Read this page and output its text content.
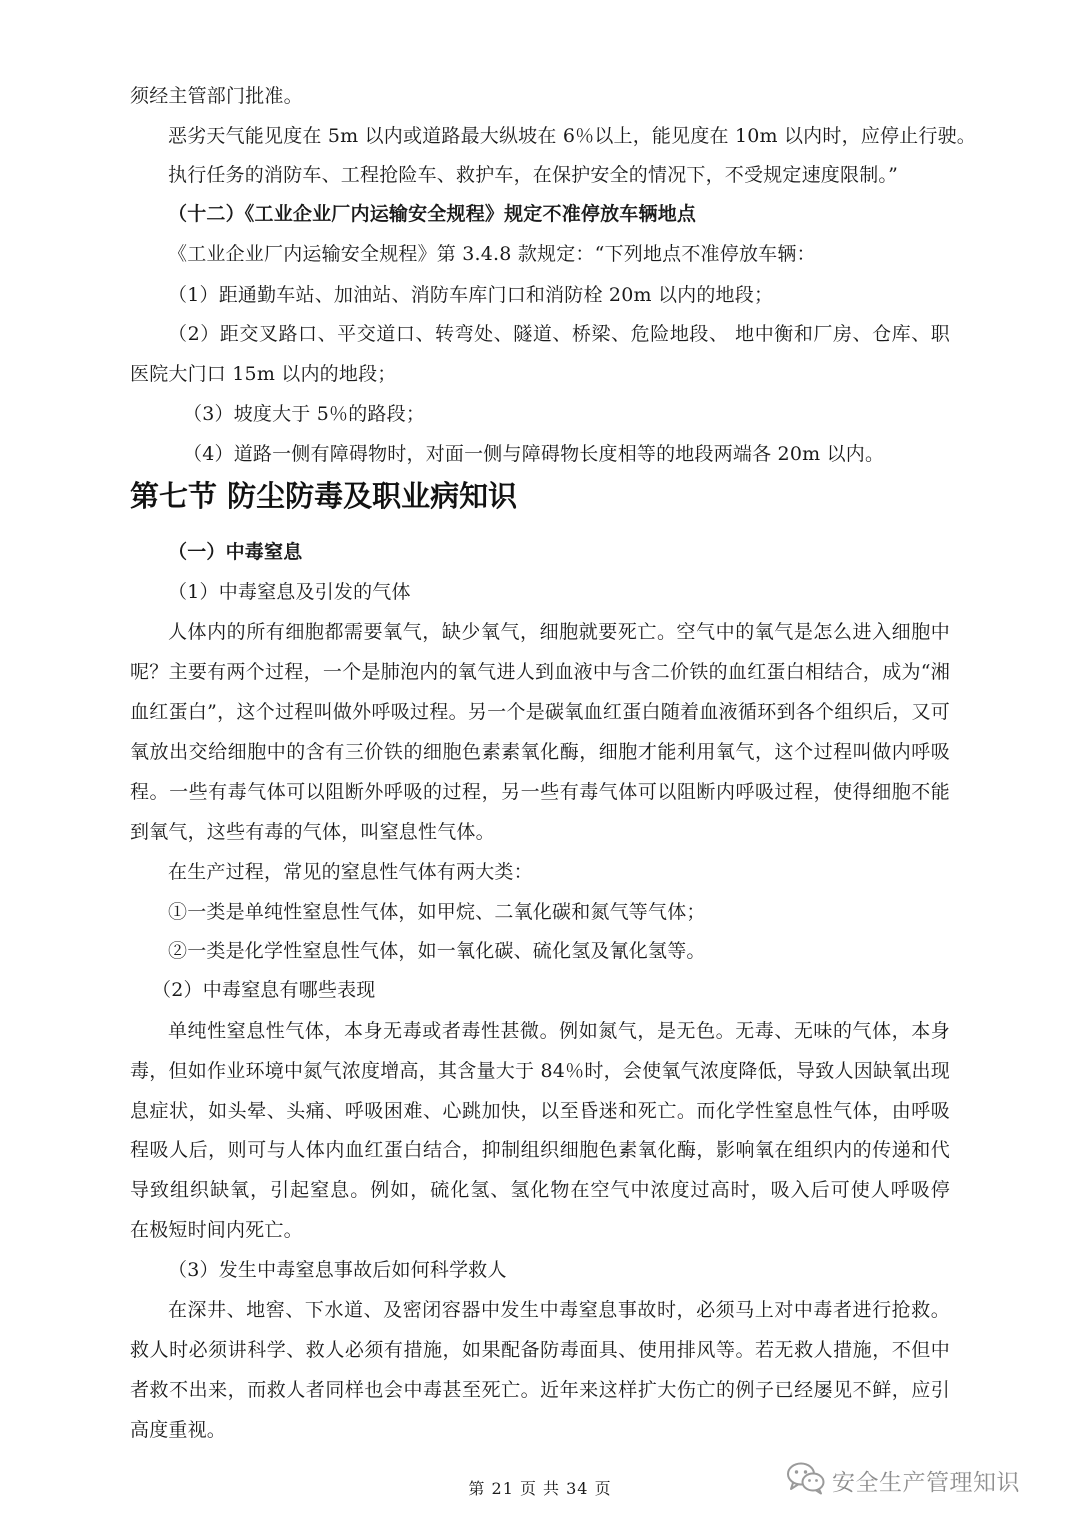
须经主管部门批准。
恶劣天气能见度在 5m 以内或道路最大纵坡在 6％以上，能见度在 10m 以内时，应停止行驶。
执行任务的消防车、工程抢险车、救护车，在保护安全的情况下，不受规定速度限制。”
（十二）《工业企业厂内运输安全规程》规定不准停放车辆地点
《工业企业厂内运输安全规程》第 3.4.8 款规定：“下列地点不准停放车辆：
（1）距通勤车站、加油站、消防车库门口和消防栓 20m 以内的地段；
（2）距交叉路口、平交道口、转弯处、隧道、桥梁、危险地段、 地中衡和厂房、仓库、职
医院大门口 15m 以内的地段；
（3）坡度大于 5％的路段；
（4）道路一侧有障碍物时，对面一侧与障碍物长度相等的地段两端各 20m 以内。
第七节 防尘防毒及职业病知识
（一）中毒窒息
（1）中毒窒息及引发的气体
人体内的所有细胞都需要氧气，缺少氧气，细胞就要死亡。空气中的氧气是怎么进入细胞中
呢？主要有两个过程，一个是肺泡内的氧气进人到血液中与含二价铁的血红蛋白相结合，成为“湘
血红蛋白”，这个过程叫做外呼吸过程。另一个是碳氧血红蛋白随着血液循环到各个组织后，又可
氧放出交给细胞中的含有三价铁的细胞色素素氧化酶，细胞才能利用氧气，这个过程叫做内呼吸
程。一些有毒气体可以阻断外呼吸的过程，另一些有毒气体可以阻断内呼吸过程，使得细胞不能
到氧气，这些有毒的气体，叫窒息性气体。
在生产过程，常见的窒息性气体有两大类：
①一类是单纯性窒息性气体，如甲烷、二氧化碳和氮气等气体；
②一类是化学性窒息性气体，如一氧化碳、硫化氢及氰化氢等。
（2）中毒窒息有哪些表现
单纯性窒息性气体，本身无毒或者毒性甚微。例如氮气，是无色。无毒、无味的气体，本身
毒，但如作业环境中氮气浓度增高，其含量大于 84％时，会使氧气浓度降低，导致人因缺氧出现
息症状，如头晕、头痛、呼吸困难、心跳加快，以至昏迷和死亡。而化学性窒息性气体，由呼吸
程吸人后，则可与人体内血红蛋白结合，抑制组织细胞色素氧化酶，影响氧在组织内的传递和代
导致组织缺氧，引起窒息。例如，硫化氢、氢化物在空气中浓度过高时，吸入后可使人呼吸停
在极短时间内死亡。
（3）发生中毒窒息事故后如何科学救人
在深井、地窖、下水道、及密闭容器中发生中毒窒息事故时，必须马上对中毒者进行抢救。
救人时必须讲科学、救人必须有措施，如果配备防毒面具、使用排风等。若无救人措施，不但中
者救不出来，而救人者同样也会中毒甚至死亡。近年来这样扩大伤亡的例子已经屡见不鲜，应引
高度重视。
第 21 页 共 34 页	安全生产管理知识
